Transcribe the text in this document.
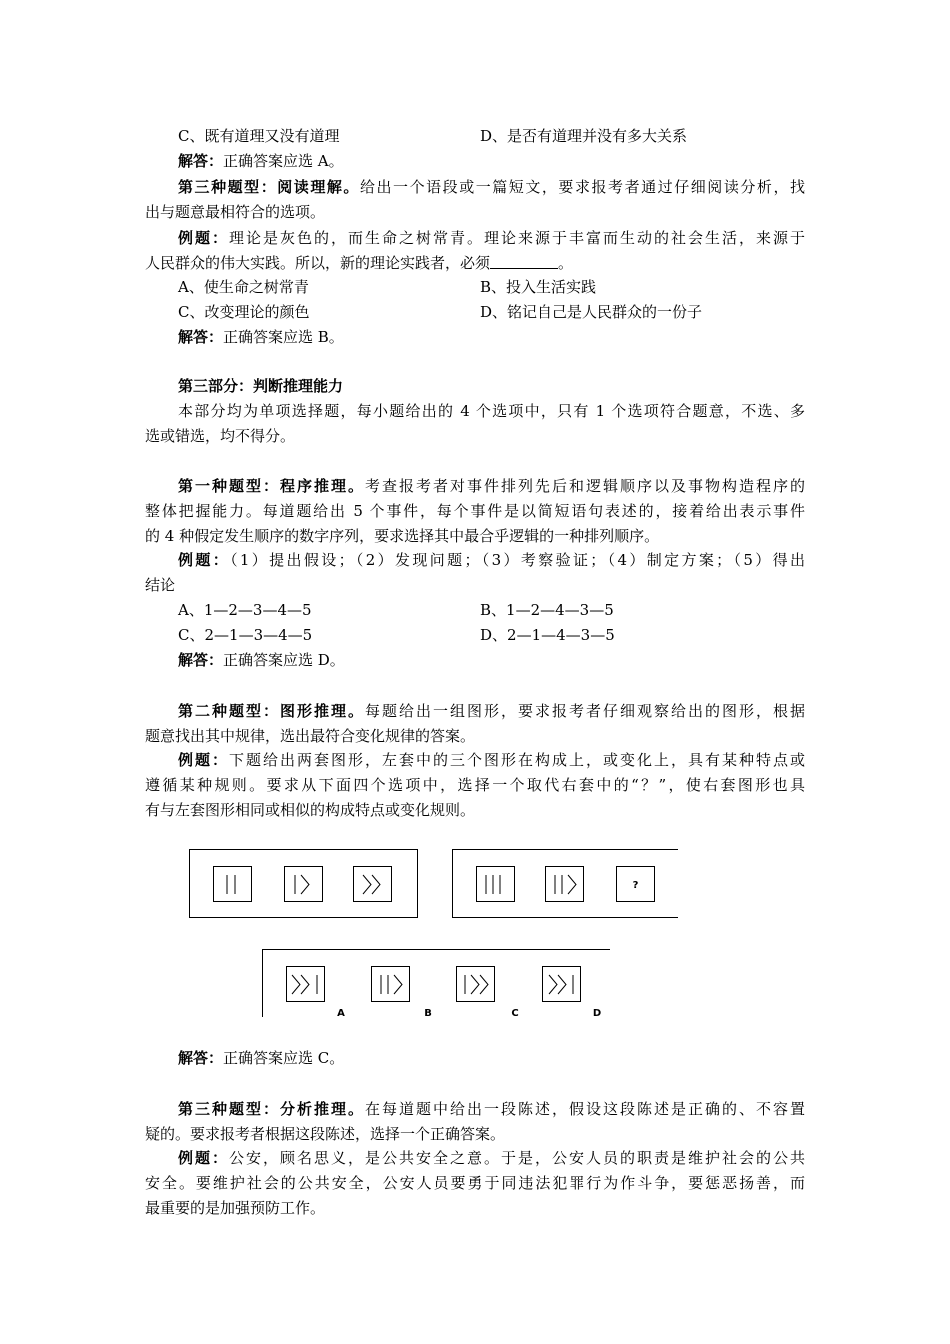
C、既有道理又没有道理	D、是否有道理并没有多大关系
解答：正确答案应选 A。
第三种题型：阅读理解。给出一个语段或一篇短文，要求报考者通过仔细阅读分析，找
出与题意最相符合的选项。
例题：理论是灰色的，而生命之树常青。理论来源于丰富而生动的社会生活，来源于
人民群众的伟大实践。所以，新的理论实践者，必须	。
A、使生命之树常青	B、投入生活实践
C、改变理论的颜色	D、铭记自己是人民群众的一份子
解答：正确答案应选 B。
第三部分：判断推理能力
本部分均为单项选择题，每小题给出的 4 个选项中，只有 1 个选项符合题意，不选、多
选或错选，均不得分。
第一种题型：程序推理。考查报考者对事件排列先后和逻辑顺序以及事物构造程序的
整体把握能力。每道题给出 5 个事件，每个事件是以简短语句表述的，接着给出表示事件
的 4 种假定发生顺序的数字序列，要求选择其中最合乎逻辑的一种排列顺序。
例题：（1）提出假设；（2）发现问题；（3）考察验证；（4）制定方案；（5）得出
结论
A、1—2—3—4—5	B、1—2—4—3—5
C、2—1—3—4—5	D、2—1—4—3—5
解答：正确答案应选 D。
第二种题型：图形推理。每题给出一组图形，要求报考者仔细观察给出的图形，根据
题意找出其中规律，选出最符合变化规律的答案。
例题：下题给出两套图形，左套中的三个图形在构成上，或变化上，具有某种特点或
遵循某种规则。要求从下面四个选项中，选择一个取代右套中的“？”，使右套图形也具
有与左套图形相同或相似的构成特点或变化规则。
?
A	B	C	D
解答：正确答案应选 C。
第三种题型：分析推理。在每道题中给出一段陈述，假设这段陈述是正确的、不容置
疑的。要求报考者根据这段陈述，选择一个正确答案。
例题：公安，顾名思义，是公共安全之意。于是，公安人员的职责是维护社会的公共
安全。要维护社会的公共安全，公安人员要勇于同违法犯罪行为作斗争，要惩恶扬善，而
最重要的是加强预防工作。
